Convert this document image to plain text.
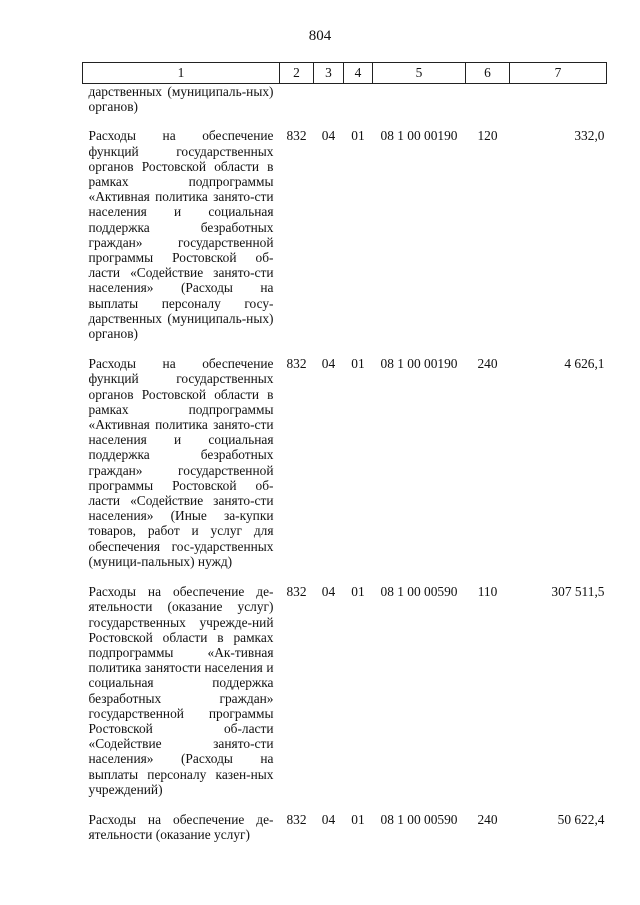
804
1	2	3	4	5	6	7
дарственных (муниципаль-ных) органов)						
Расходы на обеспечение функций государственных органов Ростовской области в рамках подпрограммы «Активная политика занято-сти населения и социальная поддержка безработных граждан» государственной программы Ростовской об-ласти «Содействие занято-сти населения» (Расходы на выплаты персоналу госу-дарственных (муниципаль-ных) органов)	832	04	01	08 1 00 00190	120	332,0
Расходы на обеспечение функций государственных органов Ростовской области в рамках подпрограммы «Активная политика занято-сти населения и социальная поддержка безработных граждан» государственной программы Ростовской об-ласти «Содействие занято-сти населения» (Иные за-купки товаров, работ и услуг для обеспечения гос-ударственных (муници-пальных) нужд)	832	04	01	08 1 00 00190	240	4 626,1
Расходы на обеспечение де-ятельности (оказание услуг) государственных учрежде-ний Ростовской области в рамках подпрограммы «Ак-тивная политика занятости населения и социальная поддержка безработных граждан» государственной программы Ростовской об-ласти «Содействие занято-сти населения» (Расходы на выплаты персоналу казен-ных учреждений)	832	04	01	08 1 00 00590	110	307 511,5
Расходы на обеспечение де-ятельности (оказание услуг)	832	04	01	08 1 00 00590	240	50 622,4
